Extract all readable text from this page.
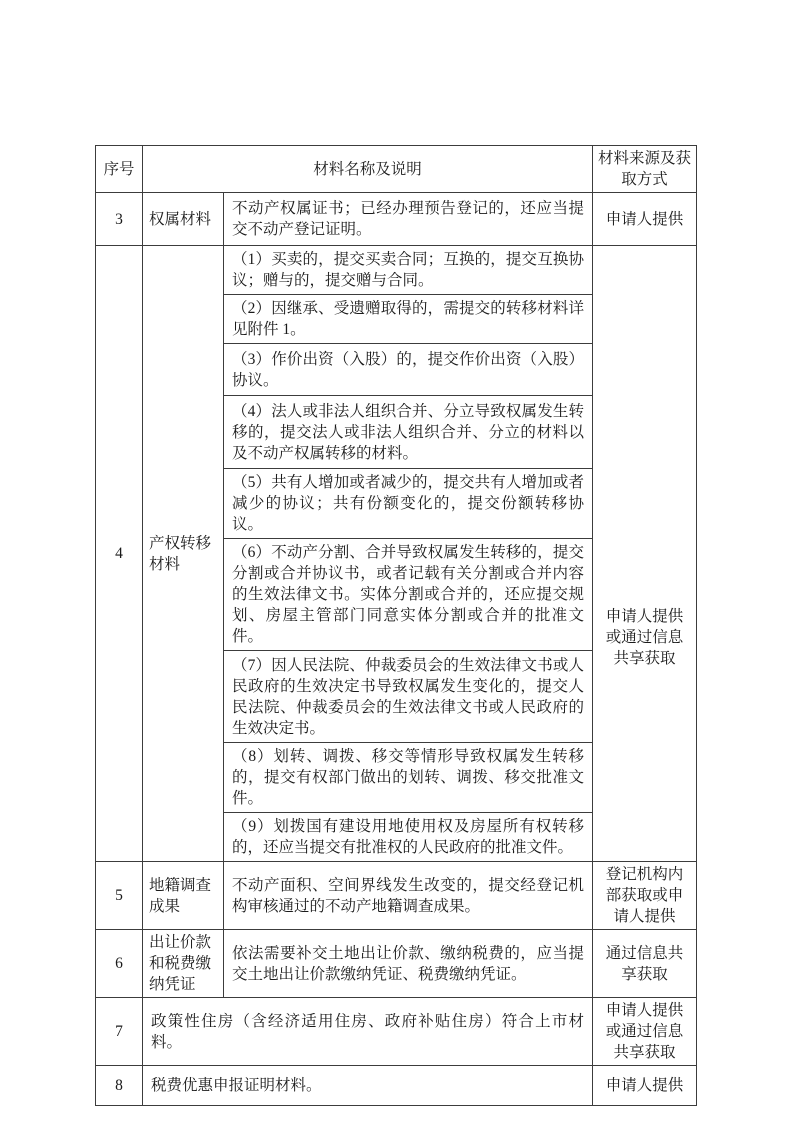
序号	材料名称及说明		材料来源及获取方式
3	权属材料	不动产权属证书；已经办理预告登记的，还应当提交不动产登记证明。	申请人提供
4	产权转移材料	（1）买卖的，提交买卖合同；互换的，提交互换协议；赠与的，提交赠与合同。	申请人提供或通过信息共享获取
		（2）因继承、受遗赠取得的，需提交的转移材料详见附件 1。	
		（3）作价出资（入股）的，提交作价出资（入股）协议。	
		（4）法人或非法人组织合并、分立导致权属发生转移的，提交法人或非法人组织合并、分立的材料以及不动产权属转移的材料。	
		（5）共有人增加或者减少的，提交共有人增加或者减少的协议；共有份额变化的，提交份额转移协议。	
		（6）不动产分割、合并导致权属发生转移的，提交分割或合并协议书，或者记载有关分割或合并内容的生效法律文书。实体分割或合并的，还应提交规划、房屋主管部门同意实体分割或合并的批准文件。	
		（7）因人民法院、仲裁委员会的生效法律文书或人民政府的生效决定书导致权属发生变化的，提交人民法院、仲裁委员会的生效法律文书或人民政府的生效决定书。	
		（8）划转、调拨、移交等情形导致权属发生转移的，提交有权部门做出的划转、调拨、移交批准文件。	
		（9）划拨国有建设用地使用权及房屋所有权转移的，还应当提交有批准权的人民政府的批准文件。	
5	地籍调查成果	不动产面积、空间界线发生改变的，提交经登记机构审核通过的不动产地籍调查成果。	登记机构内部获取或申请人提供
6	出让价款和税费缴纳凭证	依法需要补交土地出让价款、缴纳税费的，应当提交土地出让价款缴纳凭证、税费缴纳凭证。	通过信息共享获取
7	政策性住房（含经济适用住房、政府补贴住房）符合上市材料。		申请人提供或通过信息共享获取
8	税费优惠申报证明材料。		申请人提供
